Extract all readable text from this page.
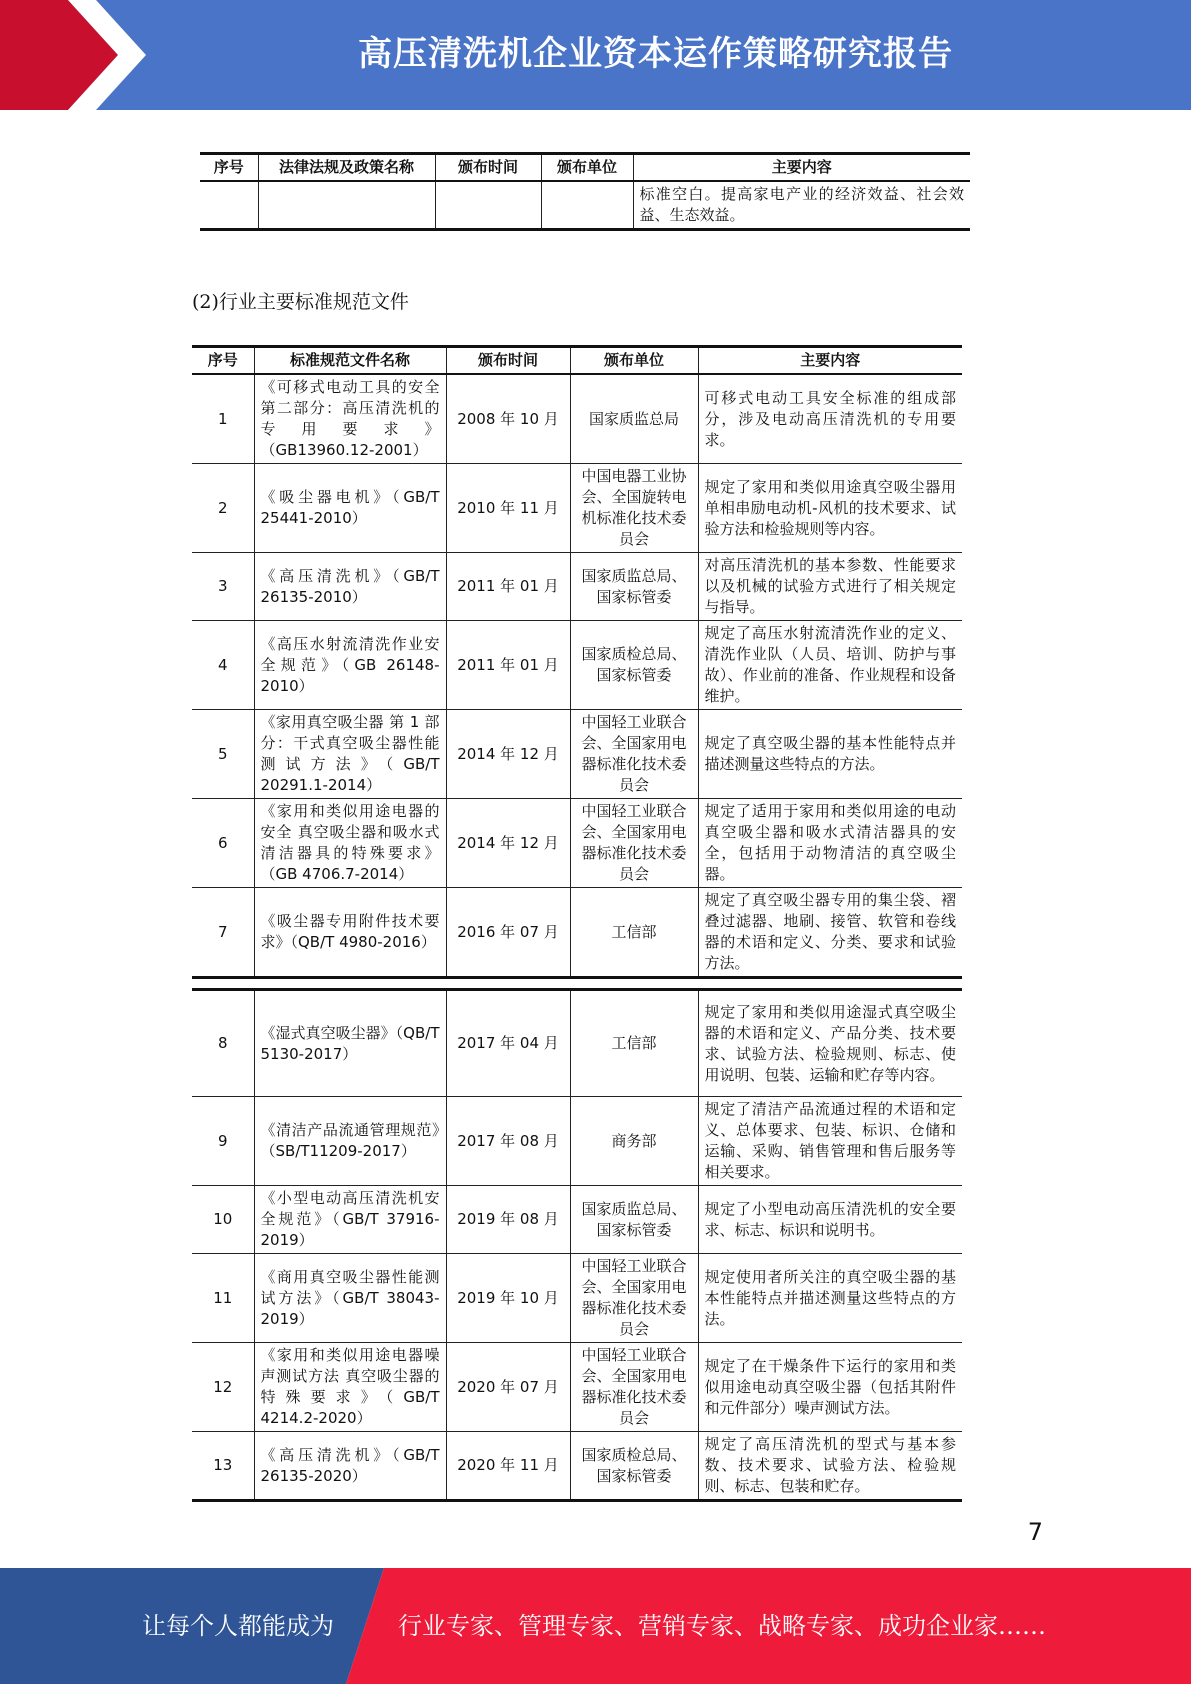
高压清洗机企业资本运作策略研究报告
序号	法律法规及政策名称	颁布时间	颁布单位	主要内容
				标准空白。提高家电产业的经济效益、社会效益、生态效益。
(2)行业主要标准规范文件
序号	标准规范文件名称	颁布时间	颁布单位	主要内容
1	《可移式电动工具的安全 第二部分：高压清洗机的专用要求》（GB13960.12-2001）	2008 年 10 月	国家质监总局	可移式电动工具安全标准的组成部分，涉及电动高压清洗机的专用要求。
2	《吸尘器电机》（GB/T 25441-2010）	2010 年 11 月	中国电器工业协会、全国旋转电机标准化技术委员会	规定了家用和类似用途真空吸尘器用单相串励电动机-风机的技术要求、试验方法和检验规则等内容。
3	《高压清洗机》（GB/T 26135-2010）	2011 年 01 月	国家质监总局、国家标管委	对高压清洗机的基本参数、性能要求以及机械的试验方式进行了相关规定与指导。
4	《高压水射流清洗作业安全规范》（GB 26148-2010）	2011 年 01 月	国家质检总局、国家标管委	规定了高压水射流清洗作业的定义、清洗作业队（人员、培训、防护与事故）、作业前的准备、作业规程和设备维护。
5	《家用真空吸尘器 第 1 部分：干式真空吸尘器性能测试方法》（GB/T 20291.1-2014）	2014 年 12 月	中国轻工业联合会、全国家用电器标准化技术委员会	规定了真空吸尘器的基本性能特点并描述测量这些特点的方法。
6	《家用和类似用途电器的安全 真空吸尘器和吸水式清洁器具的特殊要求》（GB 4706.7-2014）	2014 年 12 月	中国轻工业联合会、全国家用电器标准化技术委员会	规定了适用于家用和类似用途的电动真空吸尘器和吸水式清洁器具的安全，包括用于动物清洁的真空吸尘器。
7	《吸尘器专用附件技术要求》（QB/T 4980-2016）	2016 年 07 月	工信部	规定了真空吸尘器专用的集尘袋、褶叠过滤器、地刷、接管、软管和卷线器的术语和定义、分类、要求和试验方法。
8	《湿式真空吸尘器》（QB/T 5130-2017）	2017 年 04 月	工信部	规定了家用和类似用途湿式真空吸尘器的术语和定义、产品分类、技术要求、试验方法、检验规则、标志、使用说明、包装、运输和贮存等内容。
9	《清洁产品流通管理规范》（SB/T11209-2017）	2017 年 08 月	商务部	规定了清洁产品流通过程的术语和定义、总体要求、包装、标识、仓储和运输、采购、销售管理和售后服务等相关要求。
10	《小型电动高压清洗机安全规范》（GB/T 37916-2019）	2019 年 08 月	国家质监总局、国家标管委	规定了小型电动高压清洗机的安全要求、标志、标识和说明书。
11	《商用真空吸尘器性能测试方法》（GB/T 38043-2019）	2019 年 10 月	中国轻工业联合会、全国家用电器标准化技术委员会	规定使用者所关注的真空吸尘器的基本性能特点并描述测量这些特点的方法。
12	《家用和类似用途电器噪声测试方法 真空吸尘器的特殊要求》（GB/T 4214.2-2020）	2020 年 07 月	中国轻工业联合会、全国家用电器标准化技术委员会	规定了在干燥条件下运行的家用和类似用途电动真空吸尘器（包括其附件和元件部分）噪声测试方法。
13	《高压清洗机》（GB/T 26135-2020）	2020 年 11 月	国家质检总局、国家标管委	规定了高压清洗机的型式与基本参数、技术要求、试验方法、检验规则、标志、包装和贮存。
7
让每个人都能成为	行业专家、管理专家、营销专家、战略专家、成功企业家……
